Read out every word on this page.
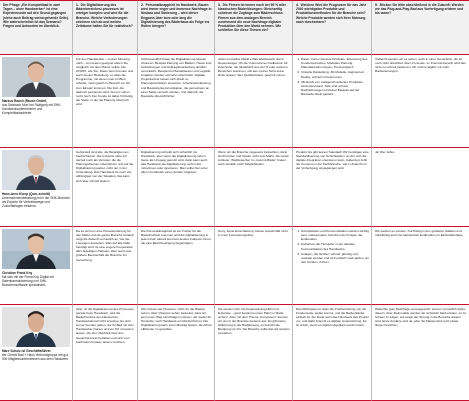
Der Pfrage „Ein Komplettbad in zwei Tagen – ohne Handwerker“ ist eine Expertenrunde auf den Grund gegangen (siehe auch Beitrag vorhergehende Seite). Wie wahrscheinlich ist das Szenario? Fragen und Antworten im Überblick.
1. Die Digitalisierung des Bäderbereiches/-prozesses ist weniger komplex und wird für die Branche. Welche Veränderungen zeichnen sich ab und welche Zeiträume halten Sie für realistisch?
2. Personalknappheit im Handwerk, Bauen wird immer enger und immense Nachfrage in Neubau und Sanierung – wird dieser Engpass über kurz oder lang die Digitalisierung des Bäderbaus als Folge ins Rollen bringen?
3. Die Firmen ist immer noch bei 95 % aller klassischen Bäderlösungen: Gleichzeitig scheinen die Zugänge zum Bäderschluss Firmen aus dem analogen Bereich zunehmend die neue Nachfrage digitaler Produktion über den Markt nehmen. Wie schließen Sie diese Thesen ein?
4. Welchen Wird die Prognosen für das Jahr 2030 wichtigsten Produkte und Produktionsmethoden für die Branche sein? Welche Produkte werden sich Ihrer Meinung nach durchsetzen?
5. Blicken Sie bitte abschließend in die Zukunft: Werden wir das Plug-and-Play-Bad aus Vorfertigung erleben und bis wann?
Markus Rauch (Rauch GmbH,
aus Salzbach Murr bei Stuttgart) mit SHK-Handwerksunternehmer und Komplettbadanbieter

Für den Handwerker – meiner Meinung nach – am besten geeignet wären Sie zeitgleich mit dem Planer selbst. Die ZVSHK, wie Sie, Daten beim Kunden und auch bei der Bestellung, so dass die Programme, mit denen man im Büro arbeitet, meist gleich im Bereich vor Ort zum Einsatz kommen. Die Zeit, die dadurch gewonnen wird, bei uns schon recht hoch. Der Kunde ist dabei frühzeitig die Stelle, in der die Planung überprüft wird.

Schlussendlich bietet die Digitalisierung überall Chancen: Beispiel Planung von Bädern. Heute sind Ausführungen und Auftragsbearbeitung deutlich vereinfacht. Beispiel bei Bestellwesen und Logistik, Angaben werden schneller übermittelt. Digitale Projektordner lassen sich direkt im Planungsverfahren einsetzen, Arbeitszeiterfassung und Baustellenkommunikation, die gemeinsam an einer Stelle vernetzt werden, und dadurch die Baustelle übersichtlicher.

Jeder innovative Markt erhält Wettbewerb durch Neueinsteiger. Ob die Unternehmen traditionell, für Zuschnitte, die tatsächlich aus der IT oder anderen Bereichen stammen, soll aus meiner Sicht keine Rolle spielen. Wer Qualität bietet, gewinnt immer.

1. Daten: Immer bessere Produkte, Erkennung des Kundenwunsches, Modulare Planung, Materialbestimmungen, Preisvergleich.
2. Virtuelle Darstellung, 3D-Modelle, Augmented Reality, schnell zu bekommen.
3. 3D-Druck von maßgeschneiderten Produkten wird interessant, Teile sind schnell, Nachlieferungen einzelner Bauteile auf der Baustelle direkt geplant.

Vielleicht werden wir es sehen, auch in einer Generation, die ist noch nicht absehbar. Aber ich denke, im Premiumbereich wird das nicht so schnell passieren. Ich rechne täglich mit mehr Badsanierungen.

Hans-Arno Kloep (Quer-schnitt)
Unternehmensberatung) ist in der SHK-Branche als Experte für Vertriebswege und Zukunftsfragen bekannt.

Gebündelt sind alle, die Beteiligten am Fachschienen. Die Industrie sehe ich derzeit noch als Vorreiter, die die Planungsthemen unterstützen und auf die Digitalisierung wartet, nicht nur in der Anwendung. Das Handwerk ist noch viel abhängiger von der Situation, das kann sich aber schnell ändern.

Digitalisierung schreibt sich sicherlich ins Handwerk, aber wenn die Digitalisierung schon heute als Umgang genutzt wird, dann kann auch das Handwerk die Digitalisierung nicht mehr mitnehmen oder ignorieren. Man sollte hier unter allen Umständen einen Ansatz mitgehen.

Wenn wir die Branche insgesamt betrachten, dann sind Kunden und Käufer nicht vom Markt, die neuen Anbieter, Wettbewerber im „Gummi-Bäder“ bieten doch deutlich mehr Möglichkeiten.

Produkt: Es gibt keinen Standard! Wir benötigen eine Standardisierung von Schnittstellen, an der sich die digitale Integration orientieren kann. Außerdem fehlt der Konsens in der Fachbranche, wie in Zukunft mit der Vorfertigung umgegangen wird.

Ja! Wer Jahre.

Christian Frank Kny
hat sich mit der Firma Kny Digital mit Datenharmonisierung und SHK-Branchensoftware spezialisiert.

Da es sich um eine Herausforderung für den Markt und die ganze Branche handelt, zeigt die Zukunft vermutlich an, wie die Lösungen aussehen. Was auf alle Fälle benötigt wird, ist eine engere Kooperation aller beteiligten Parteien, aber auch eine größere Bereitschaft der Branche zur Vernetzung.

Die Personalknappheit ist ein Treiber für die Bauwirtschaft, kommen wird die Digitalisierung in jedem Fall. Aktuell kommen andere Faktoren hinzu, die eine Beschleunigung begünstigen.

Sorry, keine Einschätzung. Dieser Aspekt fällt nicht in mein Kompetenzgebiet.

1. Schnittstellen und Kommunikation werden wichtig sein, insbesondere zwischen den Fragen der Endkunden.
2. Aufnahme der Hersteller in der direkten Kommunikation des Handwerks.
3. Anlagen, die flexibel, schnell, günstig und modular werden und sich einfach nach außen, an den Kunden, richten.

Wir werden es erleben. Kurzfristig in den größeren Städten und mittelfristig auch bei klassischen Endkunden im Einfamilienhaus.

Marc Schulz ist Geschäftsführer
der Gerold Bad + Haus Verbundgruppe mit gut 900 Mitgliedsunternehmen aus dem Handwerk.

Aber, ist die Digitalisierung des Prozesses, gerade beim Handwerk, wird die Bäderbranche den klassischen Handwerksberuf nicht ersetzen. Es wird immer Kunden geben, die ihr Bad mit dem Handwerker planen und vor Ort umsetzen lassen, die den Überblick über den Gesamtprozess behalten und sich vom Fachmann beraten lassen möchten.

Wir müssen die Chancen, nicht nur die Risiken sehen. Aber Chancen sehen bedeutet, dass wir jetzt einen Weg einschlagen müssen, der weder für Hersteller noch Handwerk ein Rückschritt ist. Die Digitalisierung kann einen Beitrag leisten, die Arbeit effizienter zu gestalten.

Sie werden sich mit Fingerspitzengefühl und Expertise – ganz bestimmt einen Platz im Markt sichern. Aber mit dem Thema „Kompetenz“ kennen wir uns in der Branche bestens aus. Es gibt keine Abkürzung in der Badplanung, es braucht die Beratung vor Ort. Die Branche sollte das als Gewinn verstehen.

Das Wichtigste ist, dass die Problemlösung von der Kundenseite, weiter kommt, und die Badverkäufer einfach ist. Am Ende setzt das Handwerk das Projekt um, und dafür braucht es digitale Unterstützung. Es ist schön, wenn es digital mitgeplant werden kann.

Weiterhin gute Nachfrage vorausgesetzt, wird es vermutlich Jahre dauern. Aber Zielmodelle werden wir sicherlich bald erleben, es ist schwer zu sagen, wie lange der Sprung in die Bereiche dauern wird. Erste Ansätze sind da, aber die Masse wird noch etwas länger brauchen.
